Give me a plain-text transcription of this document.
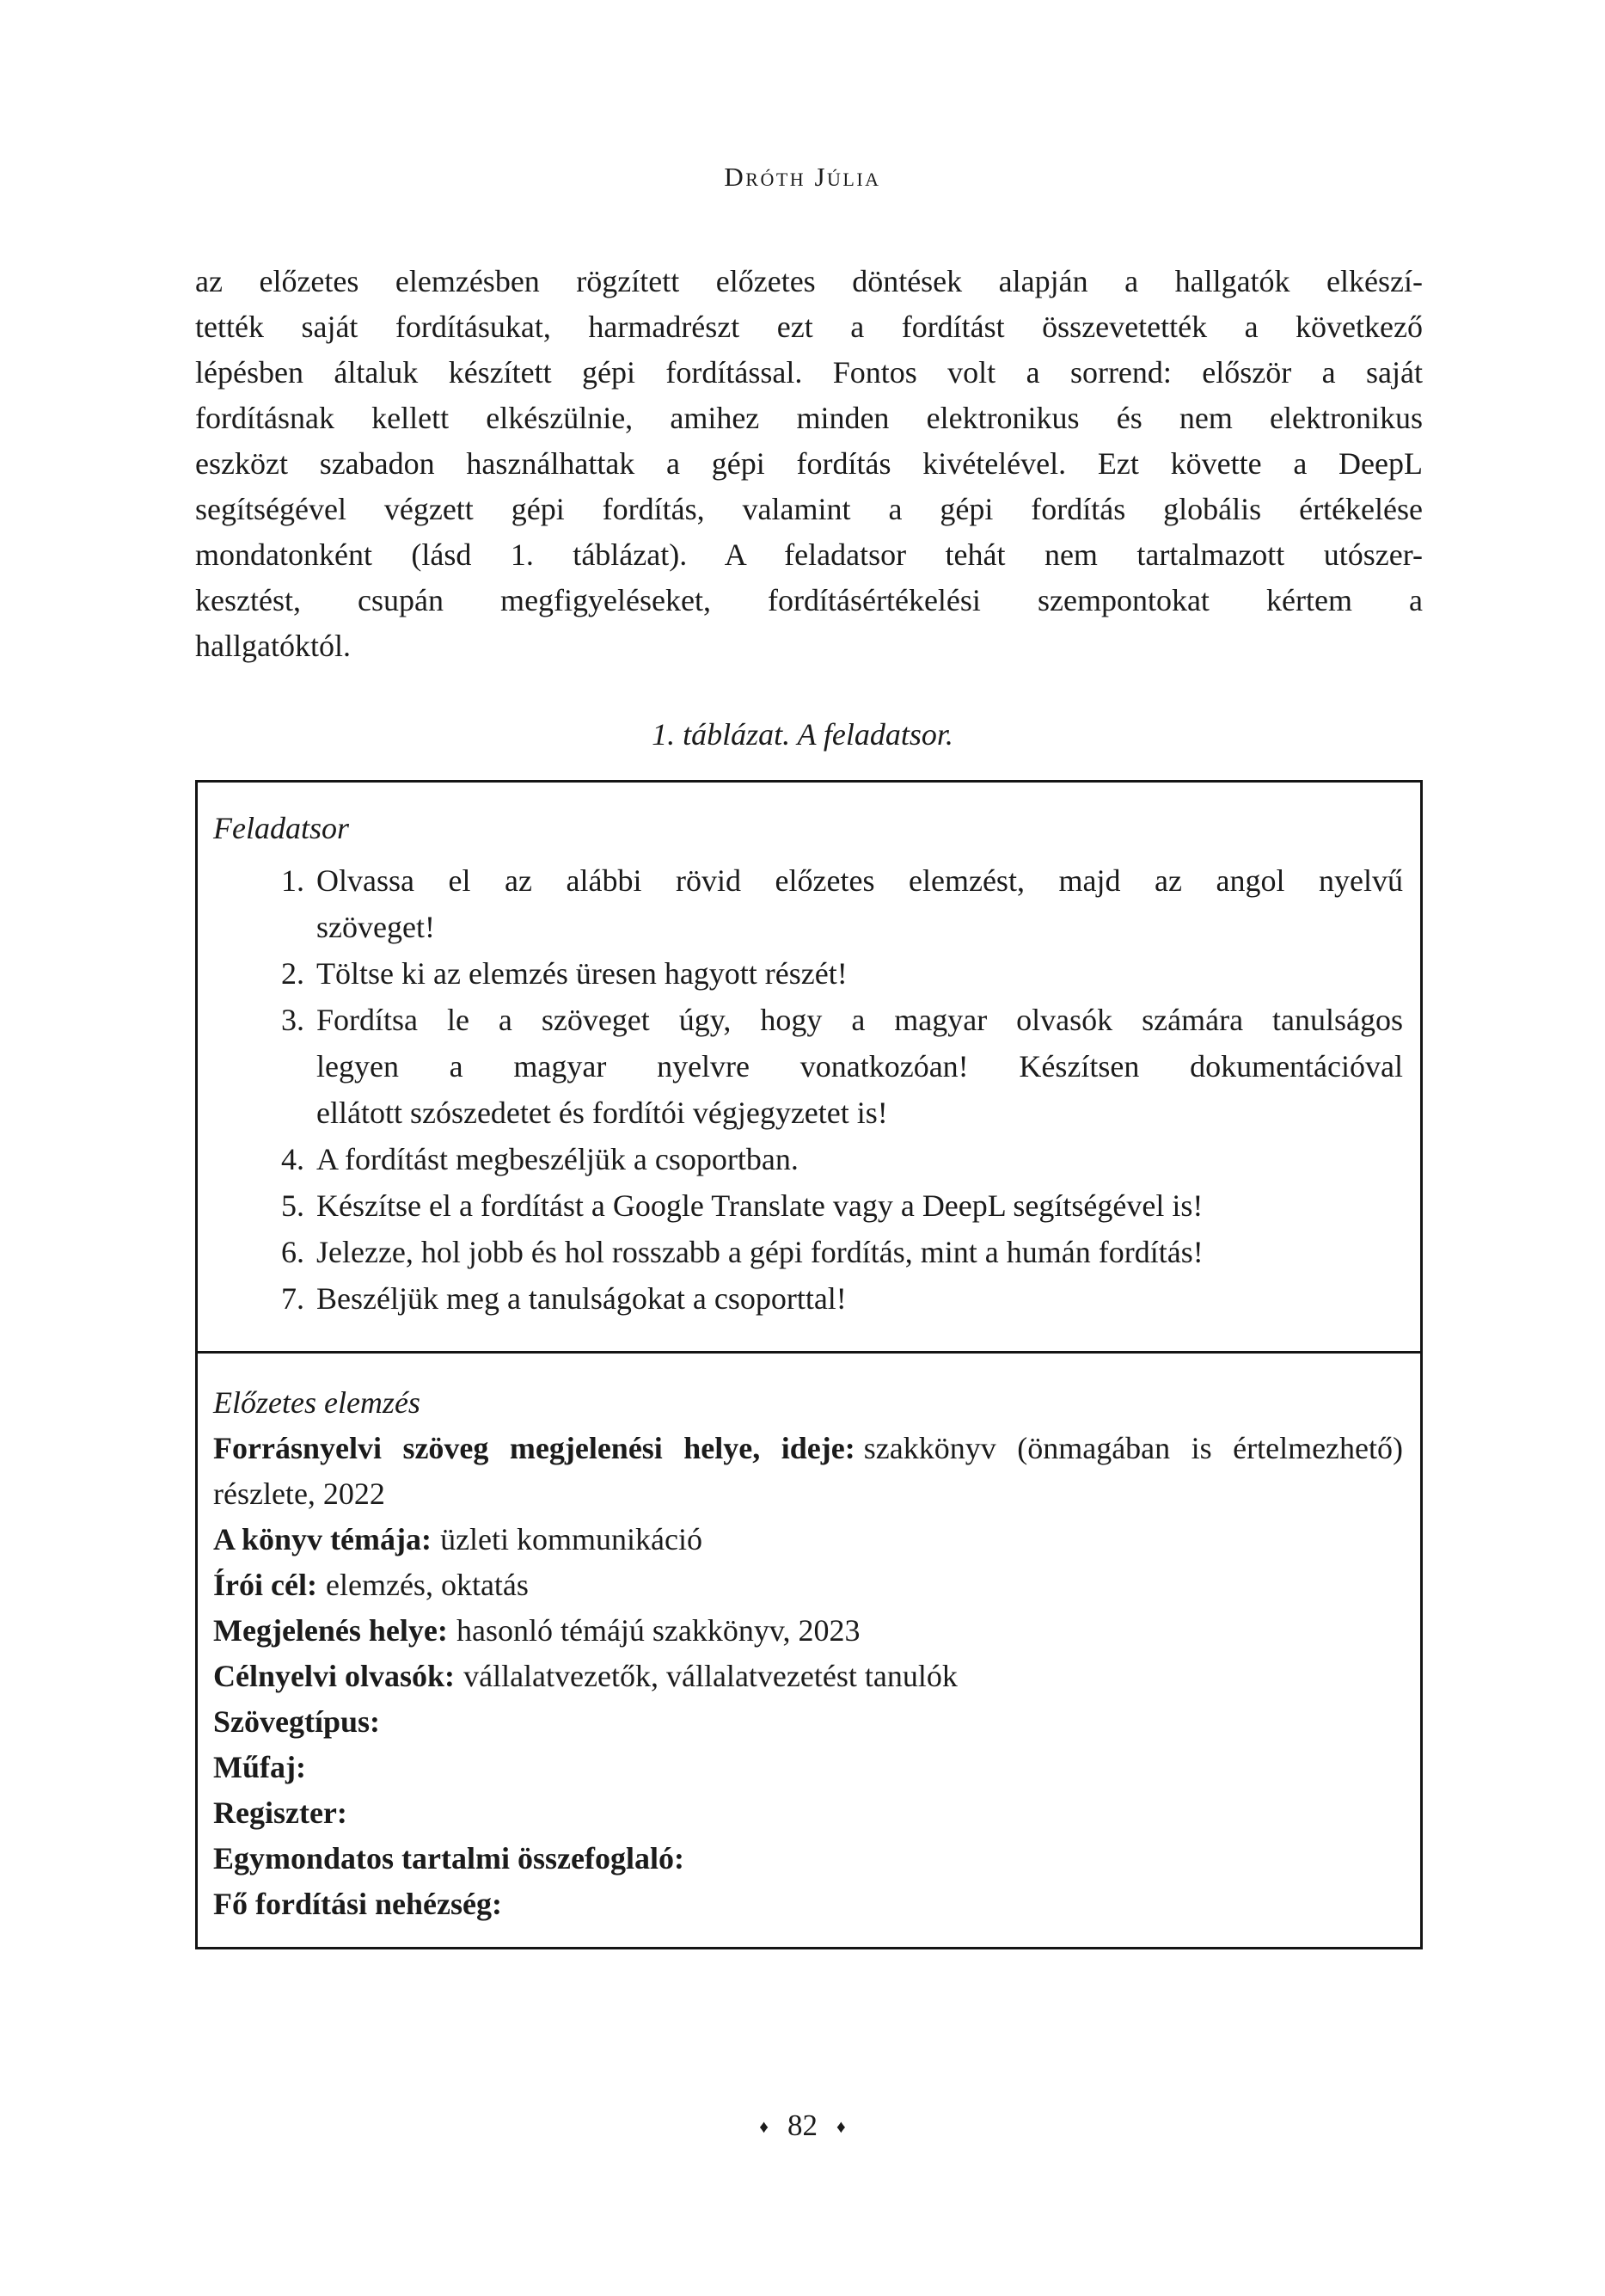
Dróth Júlia
az előzetes elemzésben rögzített előzetes döntések alapján a hallgatók elkészí-
tették saját fordításukat, harmadrészt ezt a fordítást összevetették a következő
lépésben általuk készített gépi fordítással. Fontos volt a sorrend: először a saját
fordításnak kellett elkészülnie, amihez minden elektronikus és nem elektronikus
eszközt szabadon használhattak a gépi fordítás kivételével. Ezt követte a DeepL
segítségével végzett gépi fordítás, valamint a gépi fordítás globális értékelése
mondatonként (lásd 1. táblázat). A feladatsor tehát nem tartalmazott utószer-
kesztést, csupán megfigyeléseket, fordításértékelési szempontokat kértem a
hallgatóktól.
1. táblázat. A feladatsor.
Feladatsor
1. Olvassa el az alábbi rövid előzetes elemzést, majd az angol nyelvű
szöveget!
2. Töltse ki az elemzés üresen hagyott részét!
3. Fordítsa le a szöveget úgy, hogy a magyar olvasók számára tanulságos
legyen a magyar nyelvre vonatkozóan! Készítsen dokumentációval
ellátott szószedetet és fordítói végjegyzetet is!
4. A fordítást megbeszéljük a csoportban.
5. Készítse el a fordítást a Google Translate vagy a DeepL segítségével is!
6. Jelezze, hol jobb és hol rosszabb a gépi fordítás, mint a humán fordítás!
7. Beszéljük meg a tanulságokat a csoporttal!
Előzetes elemzés
Forrásnyelvi szöveg megjelenési helye, ideje: szakkönyv (önmagában is értelmezhető) részlete, 2022
A könyv témája: üzleti kommunikáció
Írói cél: elemzés, oktatás
Megjelenés helye: hasonló témájú szakkönyv, 2023
Célnyelvi olvasók: vállalatvezetők, vállalatvezetést tanulók
Szövegtípus:
Műfaj:
Regiszter:
Egymondatos tartalmi összefoglaló:
Fő fordítási nehézség:
♦ 82 ♦
